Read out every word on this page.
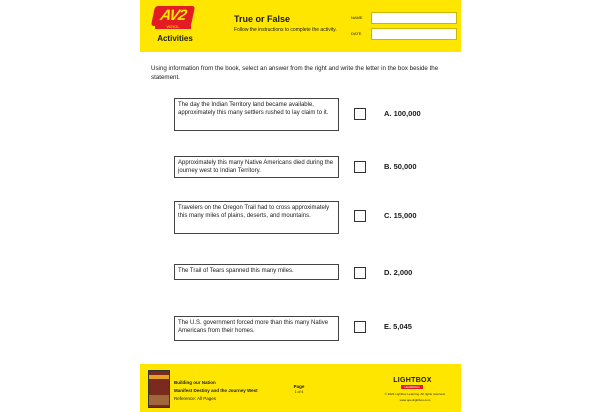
AV2
WEIGL
Activities
True or False
Follow the instructions to complete the activity.
NAME
DATE
Using information from the book, select an answer from the right and write the letter in the box beside the statement.
The day the Indian Territory land became available, approximately this many settlers rushed to lay claim to it.	A. 100,000
Approximately this many Native Americans died during the journey west to Indian Territory.	B. 50,000
Travelers on the Oregon Trail had to cross approximately this many miles of plains, deserts, and mountains.	C. 15,000
The Trail of Tears spanned this many miles.	D. 2,000
The U.S. government forced more than this many Native Americans from their homes.	E. 5,045
Building our Nation
Manifest Destiny and the Journey West
Reference: All Pages
Page
1 of 4
LIGHTBOX
LEARNING
© 2022 Lightbox Learning. All rights reserved.
www.openlightbox.com
